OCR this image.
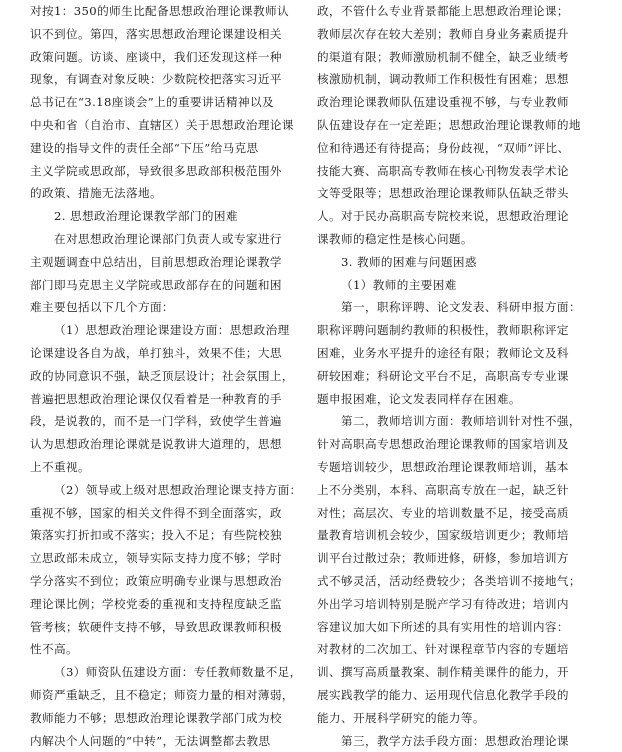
对按1：350的师生比配备思想政治理论课教师认
识不到位。第四，落实思想政治理论课建设相关
政策问题。访谈、座谈中，我们还发现这样一种
现象，有调查对象反映：少数院校把落实习近平
总书记在“3.18座谈会”上的重要讲话精神以及
中央和省（自治市、直辖区）关于思想政治理论课
建设的指导文件的责任全部“下压”给马克思
主义学院或思政部，导致很多思政部积极范围外
的政策、措施无法落地。
2. 思想政治理论课教学部门的困难
在对思想政治理论课部门负责人或专家进行
主观题调查中总结出，目前思想政治理论课教学
部门即马克思主义学院或思政部存在的问题和困
难主要包括以下几个方面：
（1）思想政治理论课建设方面：思想政治理
论课建设各自为战，单打独斗，效果不佳；大思
政的协同意识不强，缺乏顶层设计；社会氛围上，
普遍把思想政治理论课仅仅看着是一种教育的手
段，是说教的，而不是一门学科，致使学生普遍
认为思想政治理论课就是说教讲大道理的，思想
上不重视。
（2）领导或上级对思想政治理论课支持方面：
重视不够，国家的相关文件得不到全面落实，政
策落实打折扣或不落实；投入不足；有些院校独
立思政部未成立，领导实际支持力度不够；学时
学分落实不到位；政策应明确专业课与思想政治
理论课比例；学校党委的重视和支持程度缺乏监
管考核；软硬件支持不够，导致思政课教师积极
性不高。
（3）师资队伍建设方面：专任教师数量不足，
师资严重缺乏，且不稳定；师资力量的相对薄弱，
教师能力不够；思想政治理论课教学部门成为校
内解决个人问题的“中转”，无法调整都去教思
政，不管什么专业背景都能上思想政治理论课；
教师层次存在较大差别；教师自身业务素质提升
的渠道有限；教师激励机制不健全，缺乏业绩考
核激励机制，调动教师工作积极性有困难；思想
政治理论课教师队伍建设重视不够，与专业教师
队伍建设存在一定差距；思想政治理论课教师的地
位和待遇还有待提高；身份歧视，“双师”评比、
技能大赛、高职高专教师在核心刊物发表学术论
文等受限等；思想政治理论课教师队伍缺乏带头
人。对于民办高职高专院校来说，思想政治理论
课教师的稳定性是核心问题。
3. 教师的困难与问题困惑
（1）教师的主要困难
第一，职称评聘、论文发表、科研申报方面：
职称评聘问题制约教师的积极性，教师职称评定
困难，业务水平提升的途径有限；教师论文及科
研较困难；科研论文平台不足，高职高专专业课
题申报困难，论文发表同样存在困难。
第二，教师培训方面：教师培训针对性不强，
针对高职高专思想政治理论课教师的国家培训及
专题培训较少，思想政治理论课教师培训，基本
上不分类别，本科、高职高专放在一起，缺乏针
对性；高层次、专业的培训数量不足，接受高质
量教育培训机会较少，国家级培训更少；教师培
训平台过散过杂；教师进修，研修，参加培训方
式不够灵活，活动经费较少；各类培训不接地气；
外出学习培训特别是脱产学习有待改进；培训内
容建议加大如下所述的具有实用性的培训内容：
对教材的二次加工、针对课程章节内容的专题培
训、撰写高质量教案、制作精美课件的能力，开
展实践教学的能力、运用现代信息化教学手段的
能力、开展科学研究的能力等。
第三，教学方法手段方面：思想政治理论课
